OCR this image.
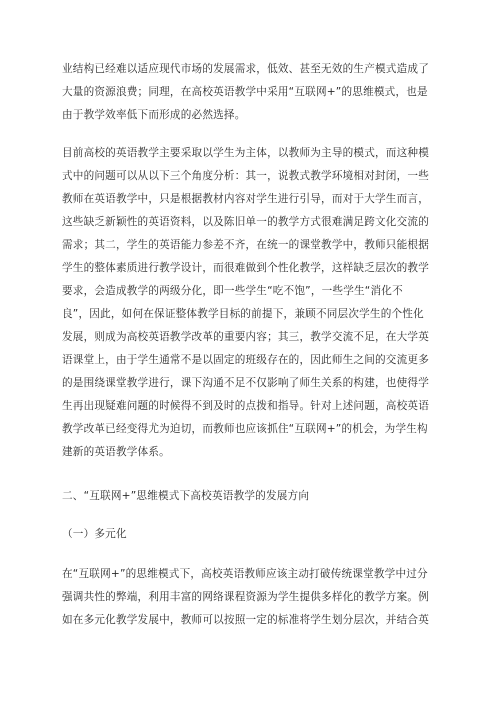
业结构已经难以适应现代市场的发展需求，低效、甚至无效的生产模式造成了
大量的资源浪费；同理，在高校英语教学中采用“互联网+”的思维模式，也是
由于教学效率低下而形成的必然选择。
目前高校的英语教学主要采取以学生为主体，以教师为主导的模式，而这种模
式中的问题可以从以下三个角度分析：其一，说教式教学环境相对封闭，一些
教师在英语教学中，只是根据教材内容对学生进行引导，而对于大学生而言，
这些缺乏新颖性的英语资料，以及陈旧单一的教学方式很难满足跨文化交流的
需求；其二，学生的英语能力参差不齐，在统一的课堂教学中，教师只能根据
学生的整体素质进行教学设计，而很难做到个性化教学，这样缺乏层次的教学
要求，会造成教学的两级分化，即一些学生“吃不饱”，一些学生“消化不
良”，因此，如何在保证整体教学目标的前提下，兼顾不同层次学生的个性化
发展，则成为高校英语教学改革的重要内容；其三，教学交流不足，在大学英
语课堂上，由于学生通常不是以固定的班级存在的，因此师生之间的交流更多
的是围绕课堂教学进行，课下沟通不足不仅影响了师生关系的构建，也使得学
生再出现疑难问题的时候得不到及时的点拨和指导。针对上述问题，高校英语
教学改革已经变得尤为迫切，而教师也应该抓住“互联网+”的机会，为学生构
建新的英语教学体系。
二、“互联网+”思维模式下高校英语教学的发展方向
（一）多元化
在“互联网+”的思维模式下，高校英语教师应该主动打破传统课堂教学中过分
强调共性的弊端，利用丰富的网络课程资源为学生提供多样化的教学方案。例
如在多元化教学发展中，教师可以按照一定的标准将学生划分层次，并结合英
